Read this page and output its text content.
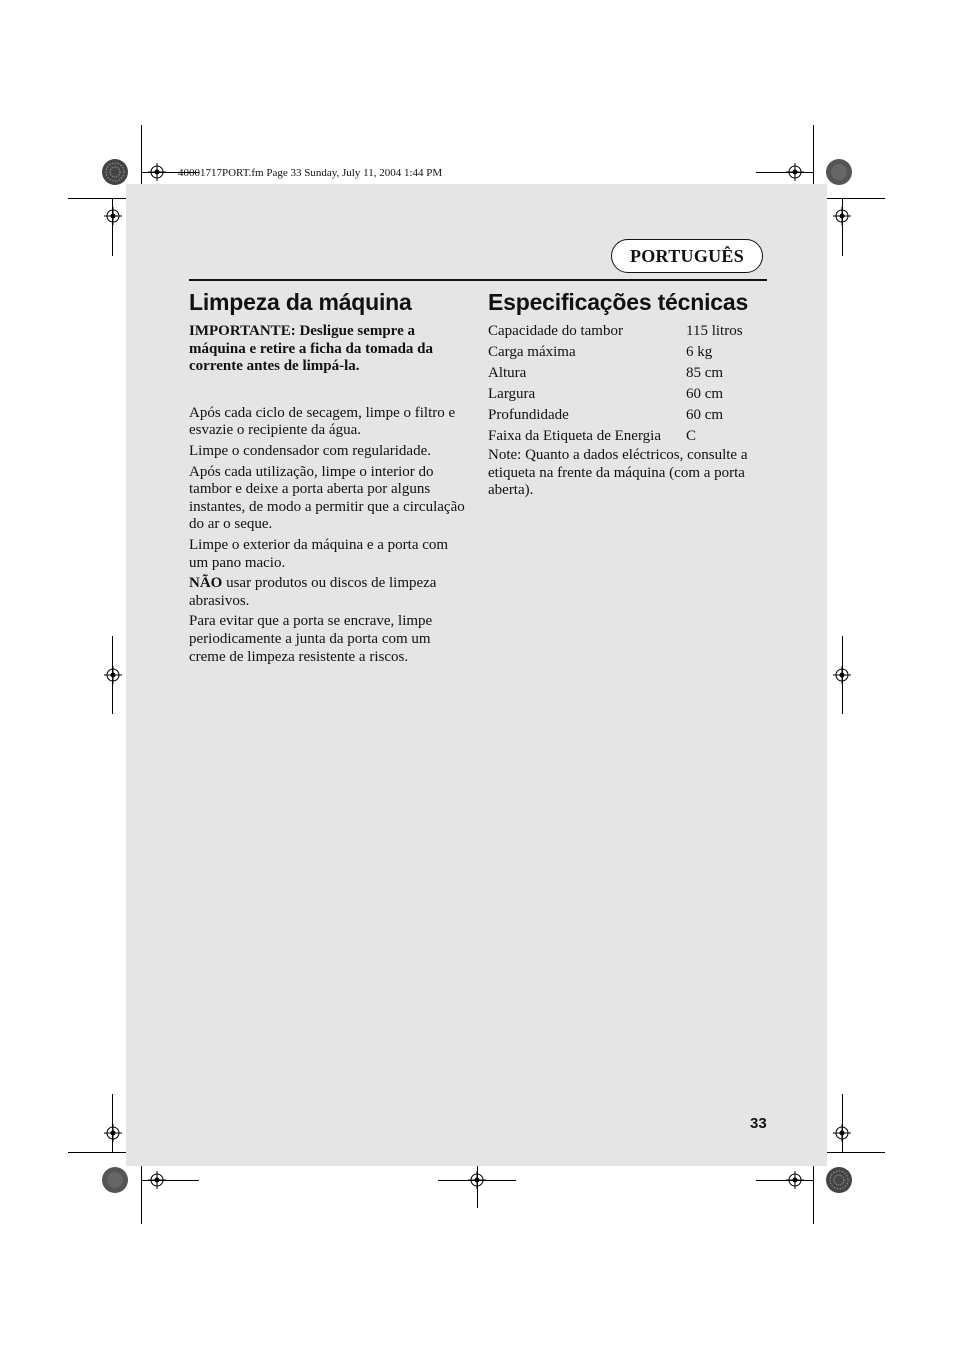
40001717PORT.fm Page 33 Sunday, July 11, 2004 1:44 PM
PORTUGUÊS
Limpeza da máquina	Especificações técnicas

IMPORTANTE: Desligue sempre a máquina e retire a ficha da tomada da corrente antes de limpá-la.

Após cada ciclo de secagem, limpe o filtro e esvazie o recipiente da água.

Limpe o condensador com regularidade.

Após cada utilização, limpe o interior do tambor e deixe a porta aberta por alguns instantes, de modo a permitir que a circulação do ar o seque.

Limpe o exterior da máquina e a porta com um pano macio.

NÃO usar produtos ou discos de limpeza abrasivos.

Para evitar que a porta se encrave, limpe periodicamente a junta da porta com um creme de limpeza resistente a riscos.

Capacidade do tambor	115 litros
Carga máxima	6 kg
Altura	85 cm
Largura	60 cm
Profundidade	60 cm
Faixa da Etiqueta de Energia	C

Note: Quanto a dados eléctricos, consulte a etiqueta na frente da máquina (com a porta aberta).

33
